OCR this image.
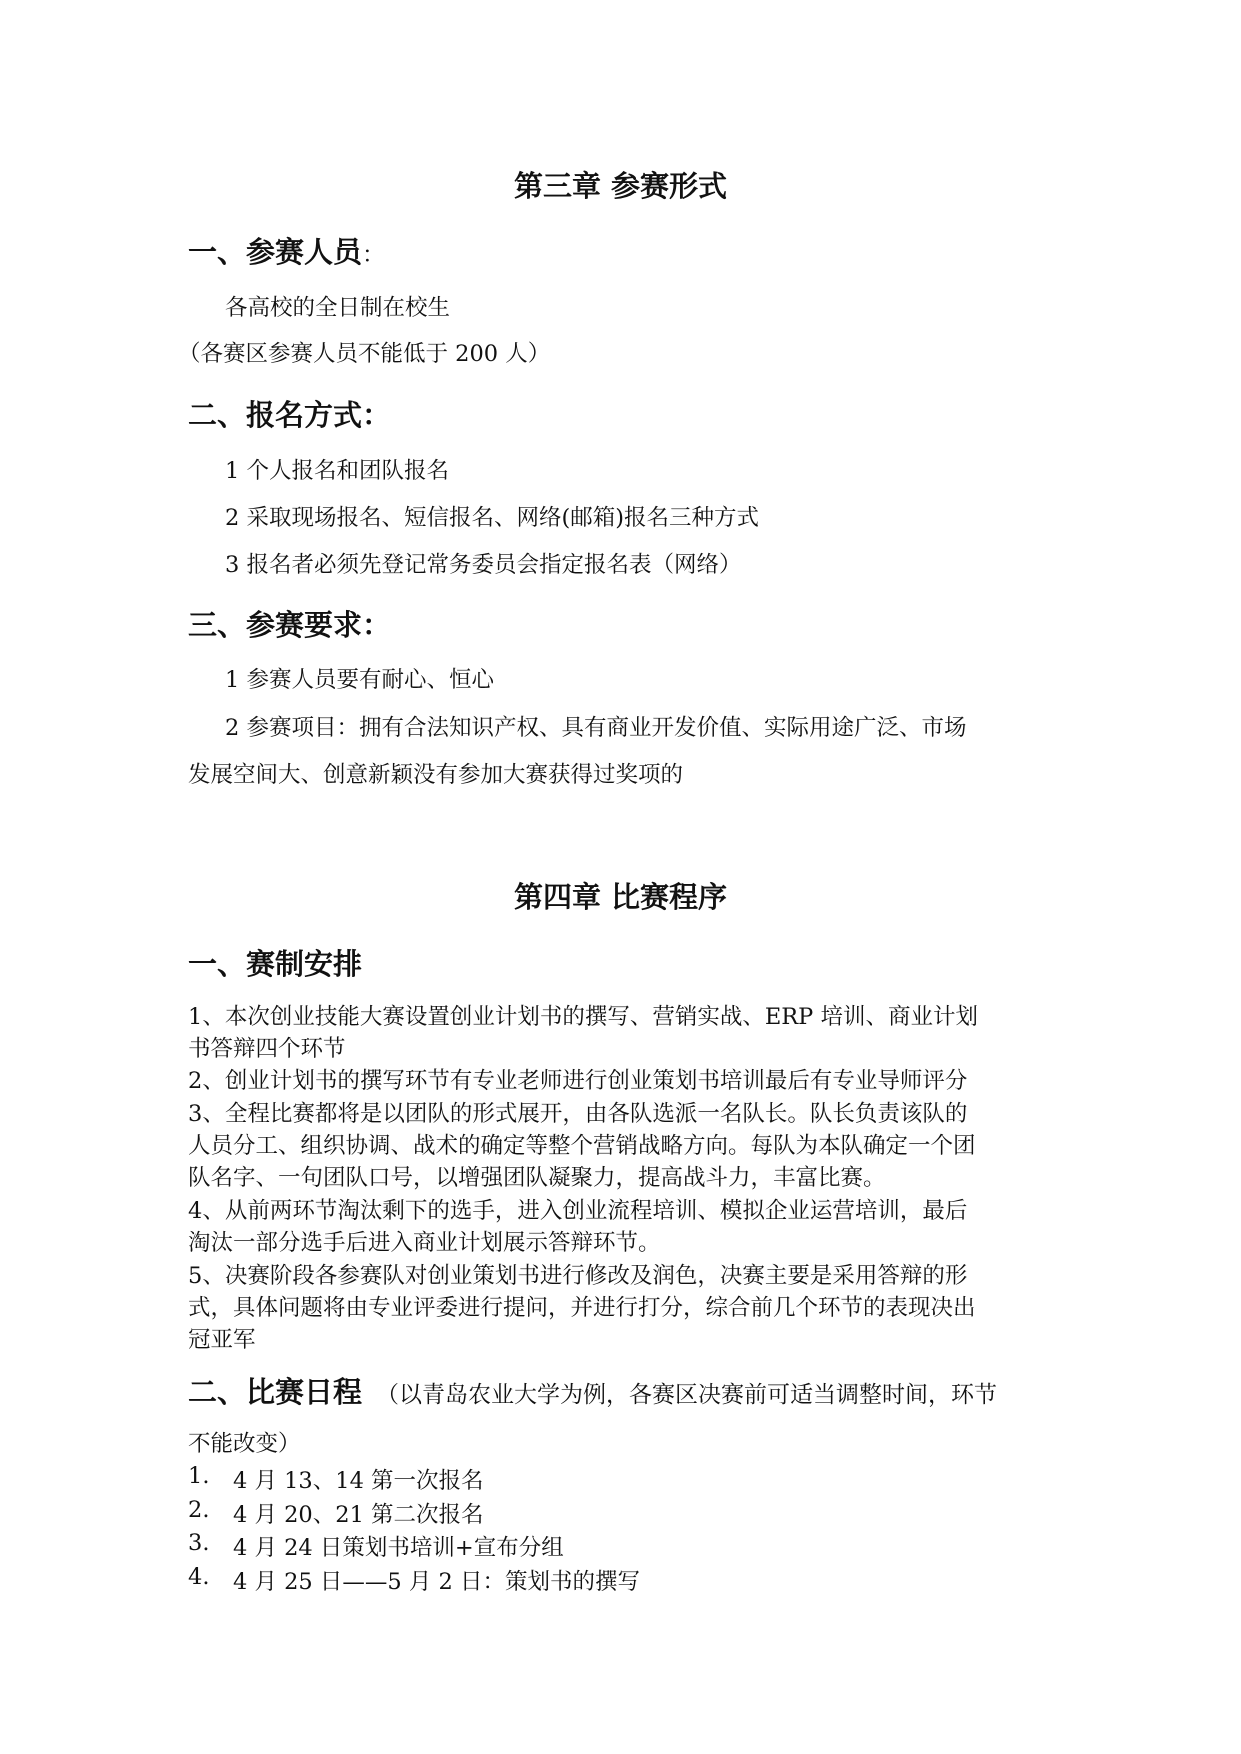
第三章 参赛形式
一、参赛人员：
各高校的全日制在校生
（各赛区参赛人员不能低于 200 人）
二、报名方式：
1 个人报名和团队报名
2 采取现场报名、短信报名、网络(邮箱)报名三种方式
3 报名者必须先登记常务委员会指定报名表（网络）
三、参赛要求：
1 参赛人员要有耐心、恒心
2 参赛项目：拥有合法知识产权、具有商业开发价值、实际用途广泛、市场
发展空间大、创意新颖没有参加大赛获得过奖项的
第四章 比赛程序
一、赛制安排
1、本次创业技能大赛设置创业计划书的撰写、营销实战、ERP 培训、商业计划
书答辩四个环节
2、创业计划书的撰写环节有专业老师进行创业策划书培训最后有专业导师评分
3、全程比赛都将是以团队的形式展开，由各队选派一名队长。队长负责该队的
人员分工、组织协调、战术的确定等整个营销战略方向。每队为本队确定一个团
队名字、一句团队口号，以增强团队凝聚力，提高战斗力，丰富比赛。
4、从前两环节淘汰剩下的选手，进入创业流程培训、模拟企业运营培训，最后
淘汰一部分选手后进入商业计划展示答辩环节。
5、决赛阶段各参赛队对创业策划书进行修改及润色，决赛主要是采用答辩的形
式，具体问题将由专业评委进行提问，并进行打分，综合前几个环节的表现决出
冠亚军
二、比赛日程 （以青岛农业大学为例，各赛区决赛前可适当调整时间，环节
不能改变）
1. 4 月 13、14 第一次报名
2. 4 月 20、21 第二次报名
3. 4 月 24 日策划书培训+宣布分组
4. 4 月 25 日——5 月 2 日：策划书的撰写
